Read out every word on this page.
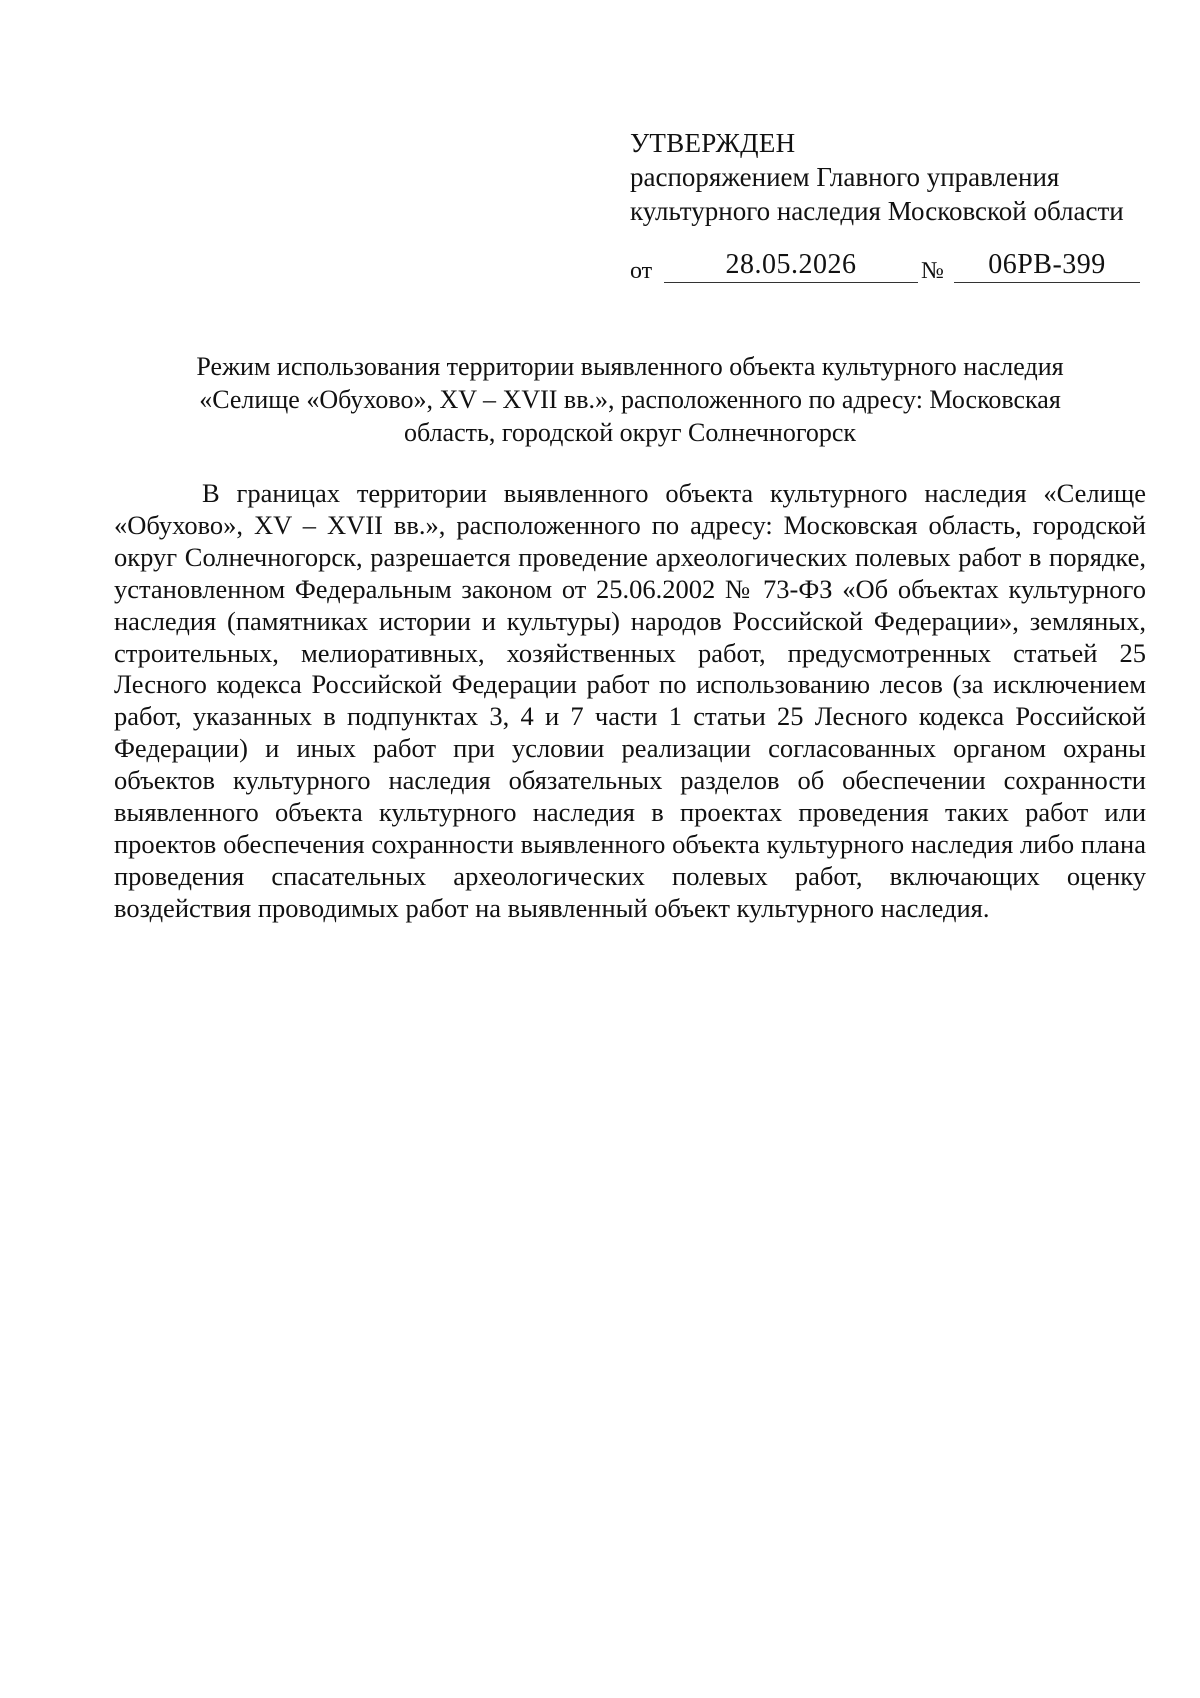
УТВЕРЖДЕН
распоряжением Главного управления
культурного наследия Московской области
от	28.05.2026	№	06РВ-399
Режим использования территории выявленного объекта культурного наследия
«Селище «Обухово», XV – XVII вв.», расположенного по адресу: Московская
область, городской округ Солнечногорск

В границах территории выявленного объекта культурного наследия «Селище «Обухово», XV – XVII вв.», расположенного по адресу: Московская область, городской округ Солнечногорск, разрешается проведение археологических полевых работ в порядке, установленном Федеральным законом от 25.06.2002 № 73-ФЗ «Об объектах культурного наследия (памятниках истории и культуры) народов Российской Федерации», земляных, строительных, мелиоративных, хозяйственных работ, предусмотренных статьей 25 Лесного кодекса Российской Федерации работ по использованию лесов (за исключением работ, указанных в подпунктах 3, 4 и 7 части 1 статьи 25 Лесного кодекса Российской Федерации) и иных работ при условии реализации согласованных органом охраны объектов культурного наследия обязательных разделов об обеспечении сохранности выявленного объекта культурного наследия в проектах проведения таких работ или проектов обеспечения сохранности выявленного объекта культурного наследия либо плана проведения спасательных археологических полевых работ, включающих оценку воздействия проводимых работ на выявленный объект культурного наследия.
